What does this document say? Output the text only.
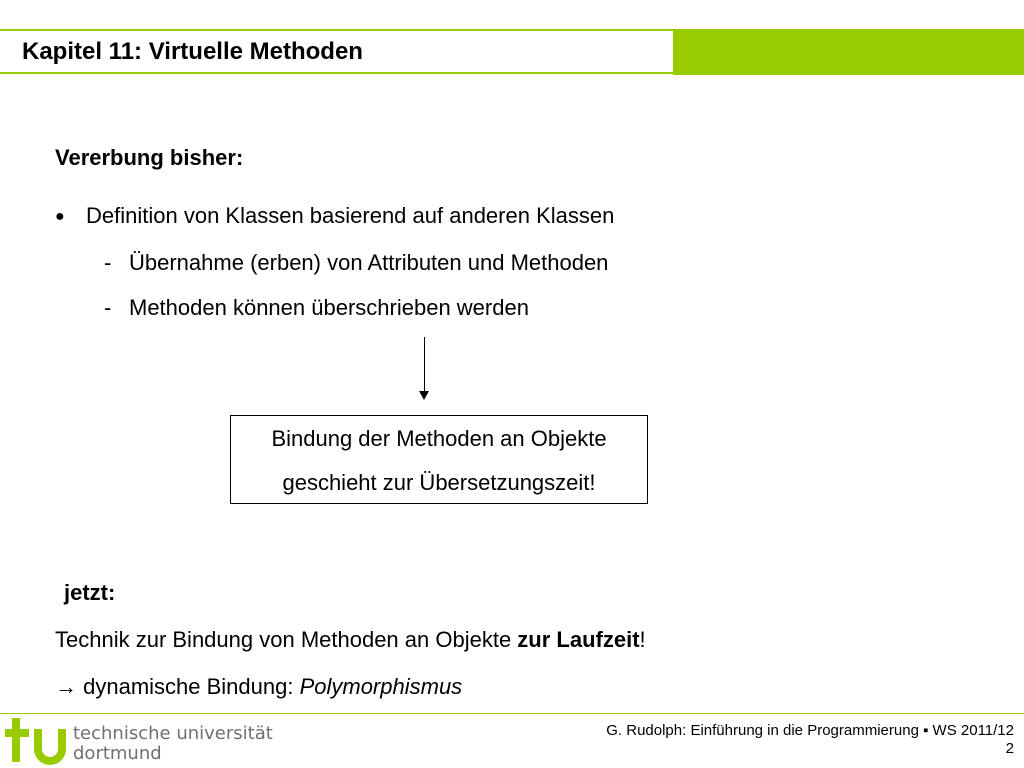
Kapitel 11: Virtuelle Methoden
Vererbung bisher:
● Definition von Klassen basierend auf anderen Klassen
- Übernahme (erben) von Attributen und Methoden
- Methoden können überschrieben werden
Bindung der Methoden an Objekte
geschieht zur Übersetzungszeit!
jetzt:
Technik zur Bindung von Methoden an Objekte zur Laufzeit!
→ dynamische Bindung: Polymorphismus
technische universität
dortmund
G. Rudolph: Einführung in die Programmierung ▪ WS 2011/12
2
